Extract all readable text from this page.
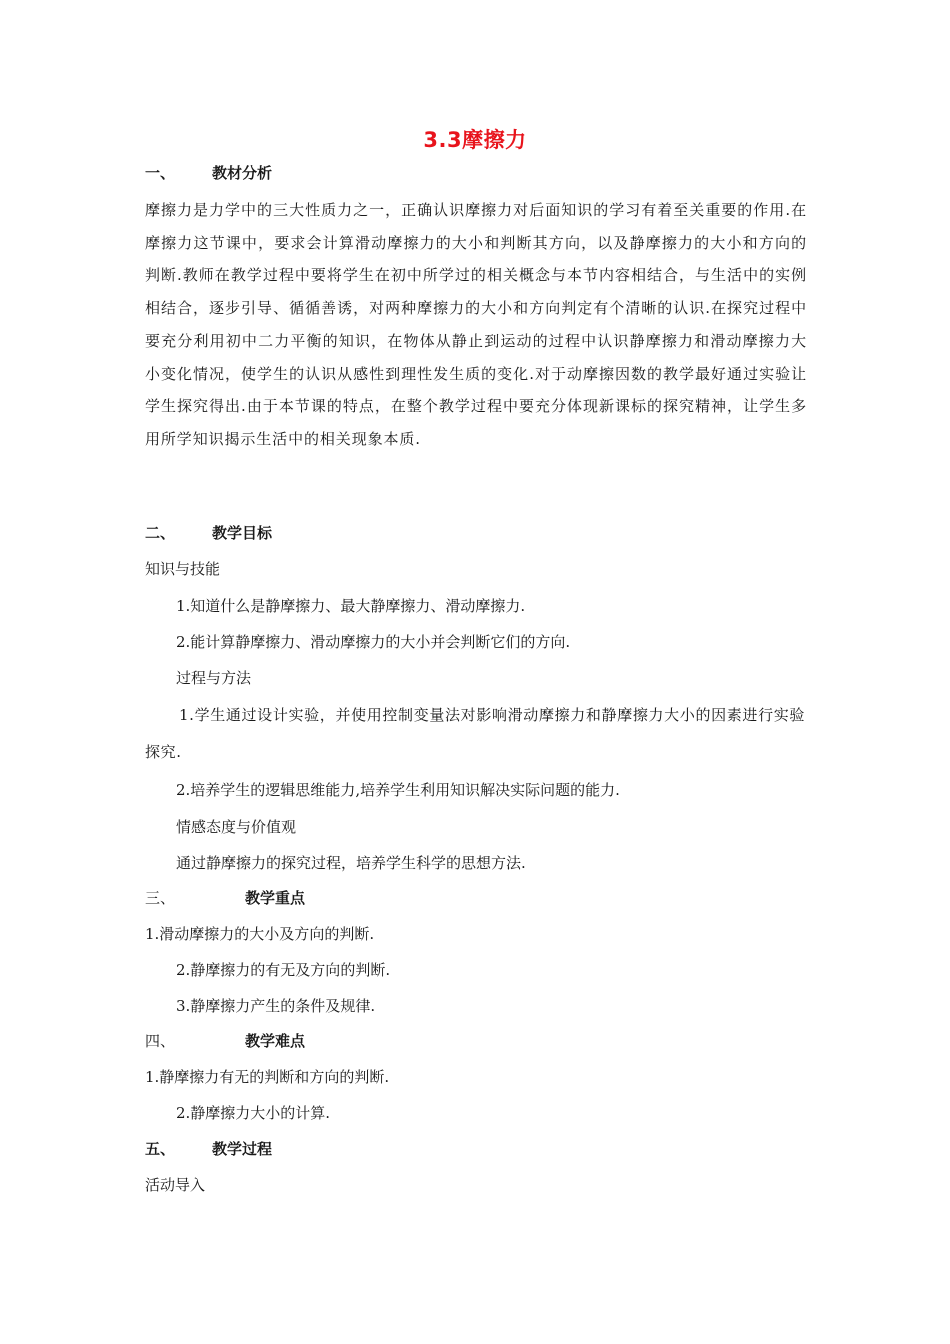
3.3摩擦力
一、 教材分析
摩擦力是力学中的三大性质力之一，正确认识摩擦力对后面知识的学习有着至关重要的作用.在摩擦力这节课中，要求会计算滑动摩擦力的大小和判断其方向，以及静摩擦力的大小和方向的判断.教师在教学过程中要将学生在初中所学过的相关概念与本节内容相结合，与生活中的实例相结合，逐步引导、循循善诱，对两种摩擦力的大小和方向判定有个清晰的认识.在探究过程中要充分利用初中二力平衡的知识，在物体从静止到运动的过程中认识静摩擦力和滑动摩擦力大小变化情况，使学生的认识从感性到理性发生质的变化.对于动摩擦因数的教学最好通过实验让学生探究得出.由于本节课的特点，在整个教学过程中要充分体现新课标的探究精神，让学生多用所学知识揭示生活中的相关现象本质.
二、 教学目标
知识与技能
1.知道什么是静摩擦力、最大静摩擦力、滑动摩擦力.
2.能计算静摩擦力、滑动摩擦力的大小并会判断它们的方向.
过程与方法
1.学生通过设计实验，并使用控制变量法对影响滑动摩擦力和静摩擦力大小的因素进行实验探究.
2.培养学生的逻辑思维能力,培养学生利用知识解决实际问题的能力.
情感态度与价值观
通过静摩擦力的探究过程，培养学生科学的思想方法.
三、	教学重点
1.滑动摩擦力的大小及方向的判断.
2.静摩擦力的有无及方向的判断.
3.静摩擦力产生的条件及规律.
四、	教学难点
1.静摩擦力有无的判断和方向的判断.
2.静摩擦力大小的计算.
五、 教学过程
活动导入
